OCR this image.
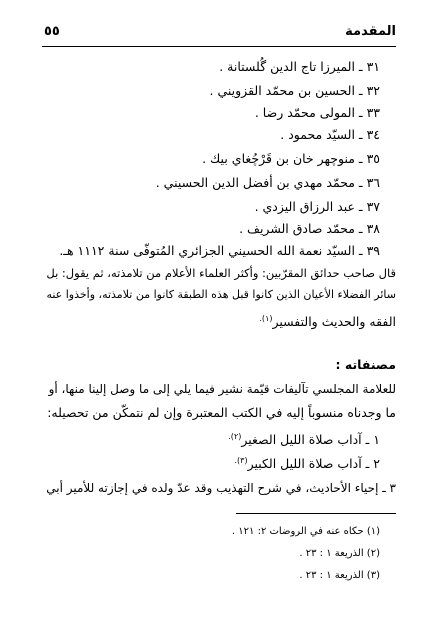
المقدمة
٥٥
٣١ ـ الميرزا تاج الدين گُلستانة .
٣٢ ـ الحسين بن محمّد القزويني .
٣٣ ـ المولى محمّد رضا .
٣٤ ـ السيّد محمود .
٣٥ ـ منوچهر خان بن قَرْچُغاي بيك .
٣٦ ـ محمّد مهدي بن أفضل الدين الحسيني .
٣٧ ـ عبد الرزاق اليزدي .
٣٨ ـ محمّد صادق الشريف .
٣٩ ـ السيّد نعمة الله الحسيني الجزائري المُتوفّى سنة ١١١٢ هـ.
قال صاحب حدائق المقرّبين: وأكثر العلماء الأعلام من تلامذته، ثم يقول: بل
سائر الفضلاء الأعيان الذين كانوا قبل هذه الطبقة كانوا من تلامذته، وأخذوا عنه
الفقه والحديث والتفسير$^{(١).}$
مصنفاته :
للعلامة المجلسي تآليفات قيّمة نشير فيما يلي إلى ما وصل إلينا منها، أو
ما وجدناه منسوباً إليه في الكتب المعتبرة وإن لم نتمكّن من تحصيله:
١ ـ آداب صلاة الليل الصغير$^{(٢).}$
٢ ـ آداب صلاة الليل الكبير$^{(٣).}$
٣ ـ إحياء الأحاديث، في شرح التهذيب وقد عدّ ولده في إجازته للأمير أبي
(١) حكاه عنه في الروضات ٢: ١٢١ .
(٢) الذريعة ١ : ٢٣ .
(٣) الذريعة ١ : ٢٣ .
